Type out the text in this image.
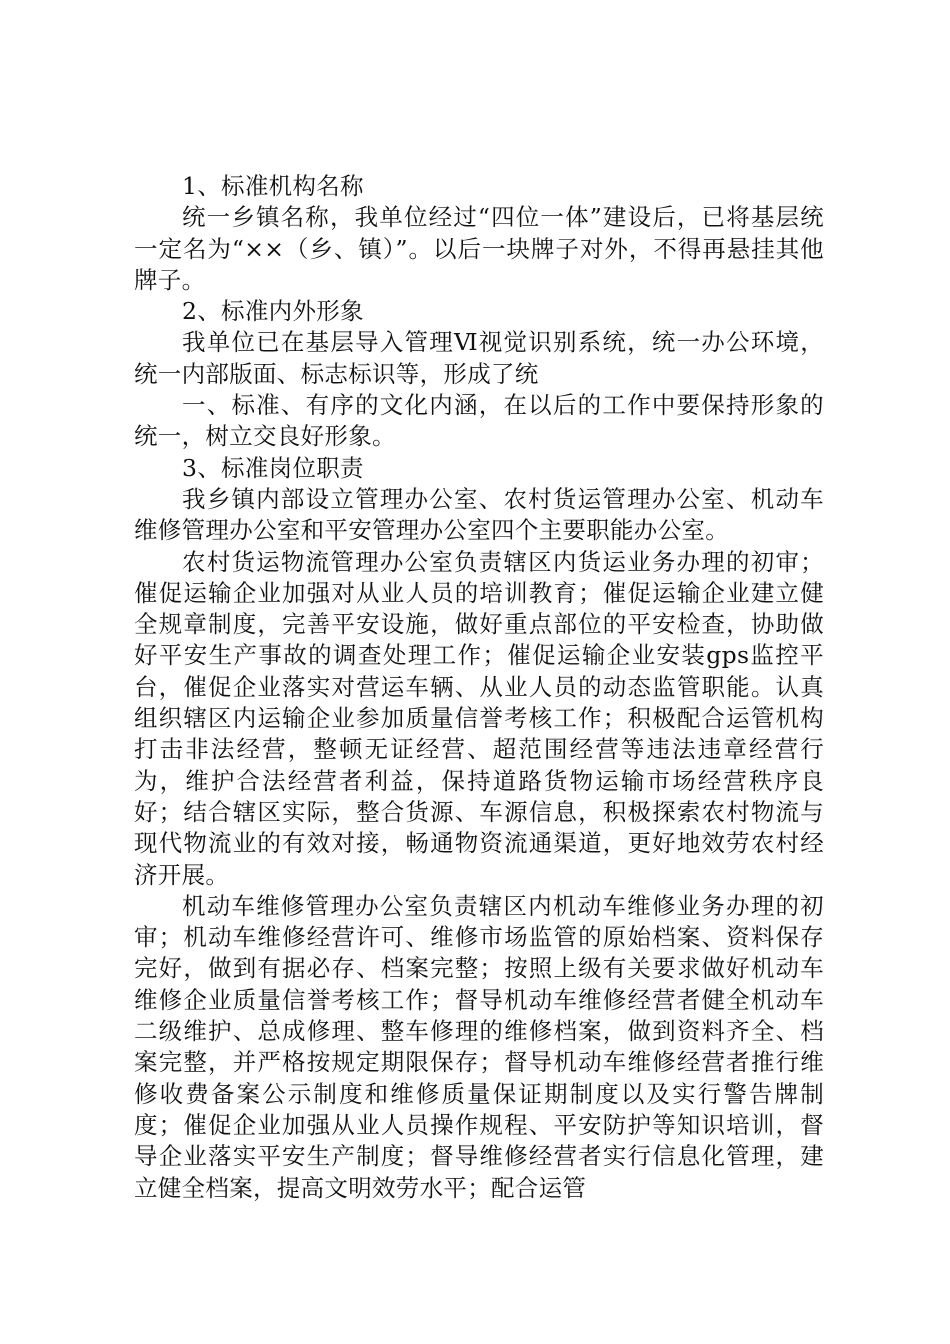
1、标准机构名称

统一乡镇名称，我单位经过“四位一体”建设后，已将基层统一定名为“××（乡、镇）”。以后一块牌子对外，不得再悬挂其他牌子。

2、标准内外形象

我单位已在基层导入管理Ⅵ视觉识别系统，统一办公环境，统一内部版面、标志标识等，形成了统

一、标准、有序的文化内涵，在以后的工作中要保持形象的统一，树立交良好形象。

3、标准岗位职责

我乡镇内部设立管理办公室、农村货运管理办公室、机动车维修管理办公室和平安管理办公室四个主要职能办公室。

农村货运物流管理办公室负责辖区内货运业务办理的初审；催促运输企业加强对从业人员的培训教育；催促运输企业建立健全规章制度，完善平安设施，做好重点部位的平安检查，协助做好平安生产事故的调查处理工作；催促运输企业安装gps监控平台，催促企业落实对营运车辆、从业人员的动态监管职能。认真组织辖区内运输企业参加质量信誉考核工作；积极配合运管机构打击非法经营，整顿无证经营、超范围经营等违法违章经营行为，维护合法经营者利益，保持道路货物运输市场经营秩序良好；结合辖区实际，整合货源、车源信息，积极探索农村物流与现代物流业的有效对接，畅通物资流通渠道，更好地效劳农村经济开展。

机动车维修管理办公室负责辖区内机动车维修业务办理的初审；机动车维修经营许可、维修市场监管的原始档案、资料保存完好，做到有据必存、档案完整；按照上级有关要求做好机动车维修企业质量信誉考核工作；督导机动车维修经营者健全机动车二级维护、总成修理、整车修理的维修档案，做到资料齐全、档案完整，并严格按规定期限保存；督导机动车维修经营者推行维修收费备案公示制度和维修质量保证期制度以及实行警告牌制度；催促企业加强从业人员操作规程、平安防护等知识培训，督导企业落实平安生产制度；督导维修经营者实行信息化管理，建立健全档案，提高文明效劳水平；配合运管
